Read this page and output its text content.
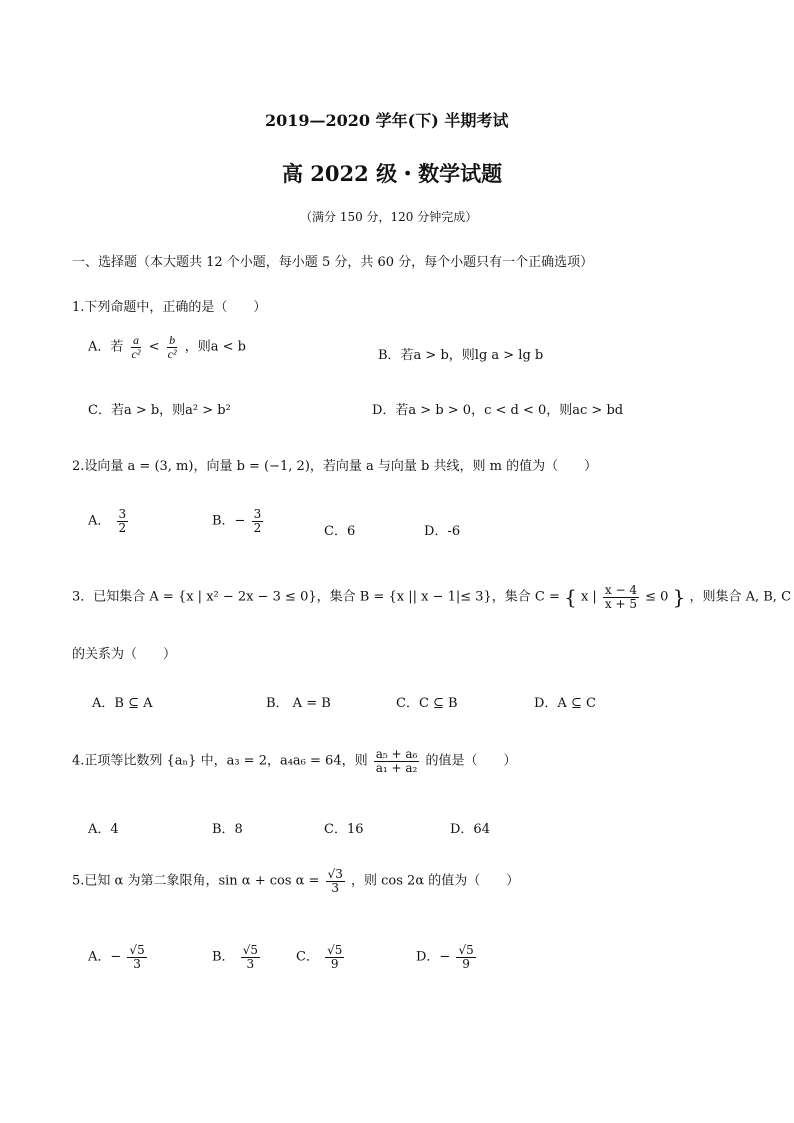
2019—2020 学年(下) 半期考试
高 2022 级・数学试题
（满分 150 分，120 分钟完成）
一、选择题（本大题共 12 个小题，每小题 5 分，共 60 分，每个小题只有一个正确选项）
1.下列命题中，正确的是（　　）
A．若 $\frac{a}{\text{c²}} < \frac{b}{\text{c²}}$ ，则a < b
B．若a > b，则lg a > lg b
C．若a > b，则a² > b²	D．若a > b > 0，c < d < 0，则ac > bd
2.设向量 a = (3, m)，向量 b = (−1, 2)，若向量 a 与向量 b 共线，则 m 的值为（　　）
A． $\frac{3}{2}$	B．− $\frac{3}{2}$	C．6	D．-6
3．已知集合 A = {x | x² − 2x − 3 ≤ 0}，集合 B = {x || x − 1|≤ 3}，集合 C = { x | $\frac{x - 4}{x + 5} \le 0$ } ，则集合 A, B, C
的关系为（　　）
A．B ⊆ A	B． A = B	C．C ⊆ B	D．A ⊆ C
4.正项等比数列 {aₙ} 中，a₃ = 2，a₄a₆ = 64，则 $\frac{\text{a₅ + a₆}}{\text{a₁ + a₂}}$ 的值是（　　）
A．4	B．8	C．16	D．64
5.已知 α 为第二象限角，$\sin \alpha + \cos \alpha = \frac{√3}{3}$ ，则 cos 2α 的值为（　　）
A．− $\frac{√5}{3}$	B． $\frac{√5}{3}$	C． $\frac{√5}{9}$	D．− $\frac{√5}{9}$
